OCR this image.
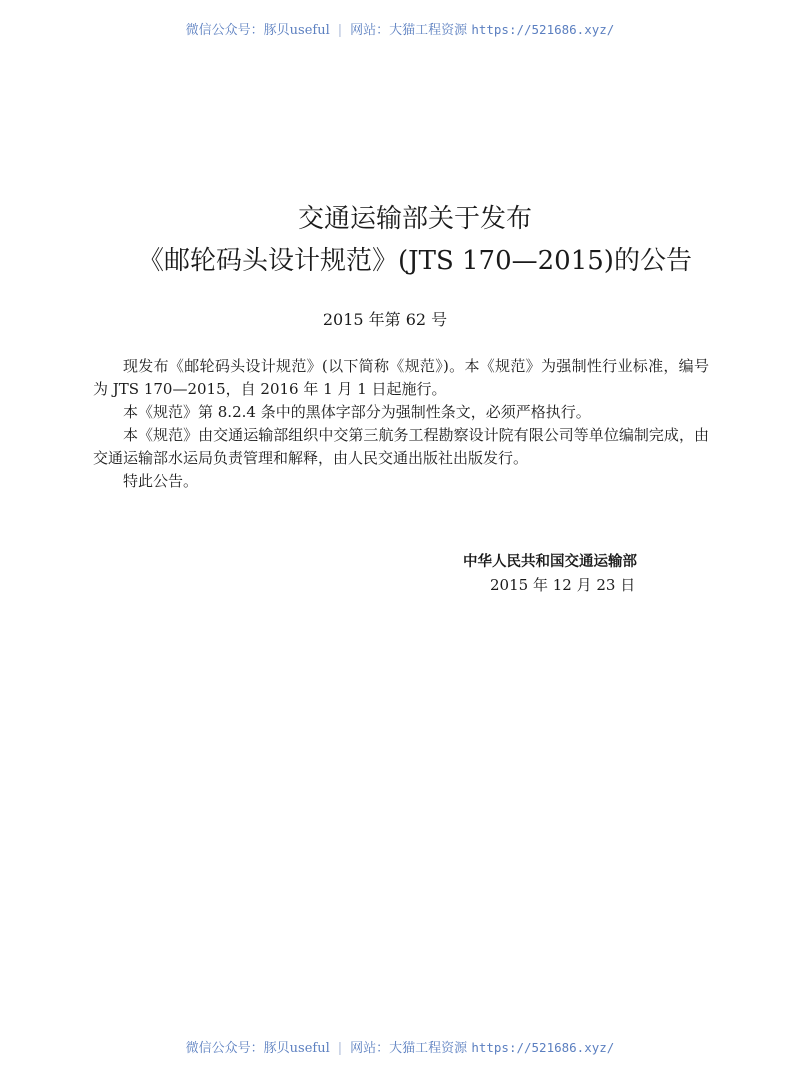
微信公众号：豚贝useful | 网站：大猫工程资源 https://521686.xyz/
交通运输部关于发布
《邮轮码头设计规范》(JTS 170—2015)的公告
2015 年第 62 号

现发布《邮轮码头设计规范》(以下简称《规范》)。本《规范》为强制性行业标准，编号为 JTS 170—2015，自 2016 年 1 月 1 日起施行。

本《规范》第 8.2.4 条中的黑体字部分为强制性条文，必须严格执行。

本《规范》由交通运输部组织中交第三航务工程勘察设计院有限公司等单位编制完成，由交通运输部水运局负责管理和解释，由人民交通出版社出版发行。

特此公告。

中华人民共和国交通运输部
2015 年 12 月 23 日
微信公众号：豚贝useful | 网站：大猫工程资源 https://521686.xyz/
